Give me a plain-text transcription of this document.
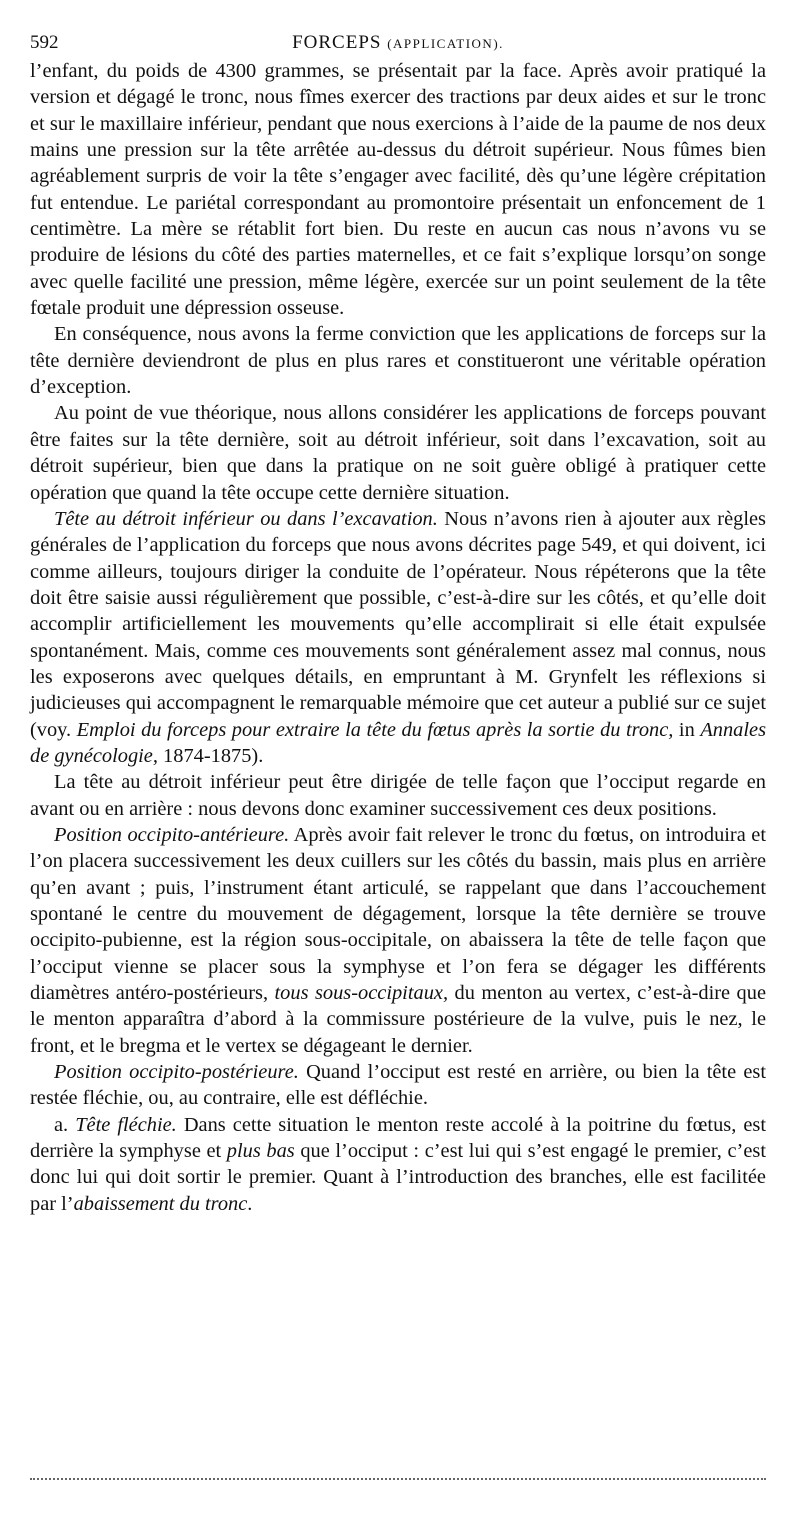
592	FORCEPS (APPLICATION).

l’enfant, du poids de 4300 grammes, se présentait par la face. Après avoir pratiqué la version et dégagé le tronc, nous fîmes exercer des tractions par deux aides et sur le tronc et sur le maxillaire inférieur, pendant que nous exercions à l’aide de la paume de nos deux mains une pression sur la tête arrêtée au-dessus du détroit supérieur. Nous fûmes bien agréablement surpris de voir la tête s’engager avec facilité, dès qu’une légère crépitation fut entendue. Le pariétal correspondant au promontoire présentait un enfoncement de 1 centimètre. La mère se rétablit fort bien. Du reste en aucun cas nous n’avons vu se produire de lésions du côté des parties maternelles, et ce fait s’explique lorsqu’on songe avec quelle facilité une pression, même légère, exercée sur un point seulement de la tête fœtale produit une dépression osseuse.

En conséquence, nous avons la ferme conviction que les applications de forceps sur la tête dernière deviendront de plus en plus rares et constitueront une véritable opération d’exception.

Au point de vue théorique, nous allons considérer les applications de forceps pouvant être faites sur la tête dernière, soit au détroit inférieur, soit dans l’excavation, soit au détroit supérieur, bien que dans la pratique on ne soit guère obligé à pratiquer cette opération que quand la tête occupe cette dernière situation.

Tête au détroit inférieur ou dans l’excavation. Nous n’avons rien à ajouter aux règles générales de l’application du forceps que nous avons décrites page 549, et qui doivent, ici comme ailleurs, toujours diriger la conduite de l’opérateur. Nous répéterons que la tête doit être saisie aussi régulièrement que possible, c’est-à-dire sur les côtés, et qu’elle doit accomplir artificiellement les mouvements qu’elle accomplirait si elle était expulsée spontanément. Mais, comme ces mouvements sont généralement assez mal connus, nous les exposerons avec quelques détails, en empruntant à M. Grynfelt les réflexions si judicieuses qui accompagnent le remarquable mémoire que cet auteur a publié sur ce sujet (voy. Emploi du forceps pour extraire la tête du fœtus après la sortie du tronc, in Annales de gynécologie, 1874-1875).

La tête au détroit inférieur peut être dirigée de telle façon que l’occiput regarde en avant ou en arrière : nous devons donc examiner successivement ces deux positions.

Position occipito-antérieure. Après avoir fait relever le tronc du fœtus, on introduira et l’on placera successivement les deux cuillers sur les côtés du bassin, mais plus en arrière qu’en avant ; puis, l’instrument étant articulé, se rappelant que dans l’accouchement spontané le centre du mouvement de dégagement, lorsque la tête dernière se trouve occipito-pubienne, est la région sous-occipitale, on abaissera la tête de telle façon que l’occiput vienne se placer sous la symphyse et l’on fera se dégager les différents diamètres antéro-postérieurs, tous sous-occipitaux, du menton au vertex, c’est-à-dire que le menton apparaîtra d’abord à la commissure postérieure de la vulve, puis le nez, le front, et le bregma et le vertex se dégageant le dernier.

Position occipito-postérieure. Quand l’occiput est resté en arrière, ou bien la tête est restée fléchie, ou, au contraire, elle est défléchie.

a. Tête fléchie. Dans cette situation le menton reste accolé à la poitrine du fœtus, est derrière la symphyse et plus bas que l’occiput : c’est lui qui s’est engagé le premier, c’est donc lui qui doit sortir le premier. Quant à l’introduction des branches, elle est facilitée par l’abaissement du tronc.
